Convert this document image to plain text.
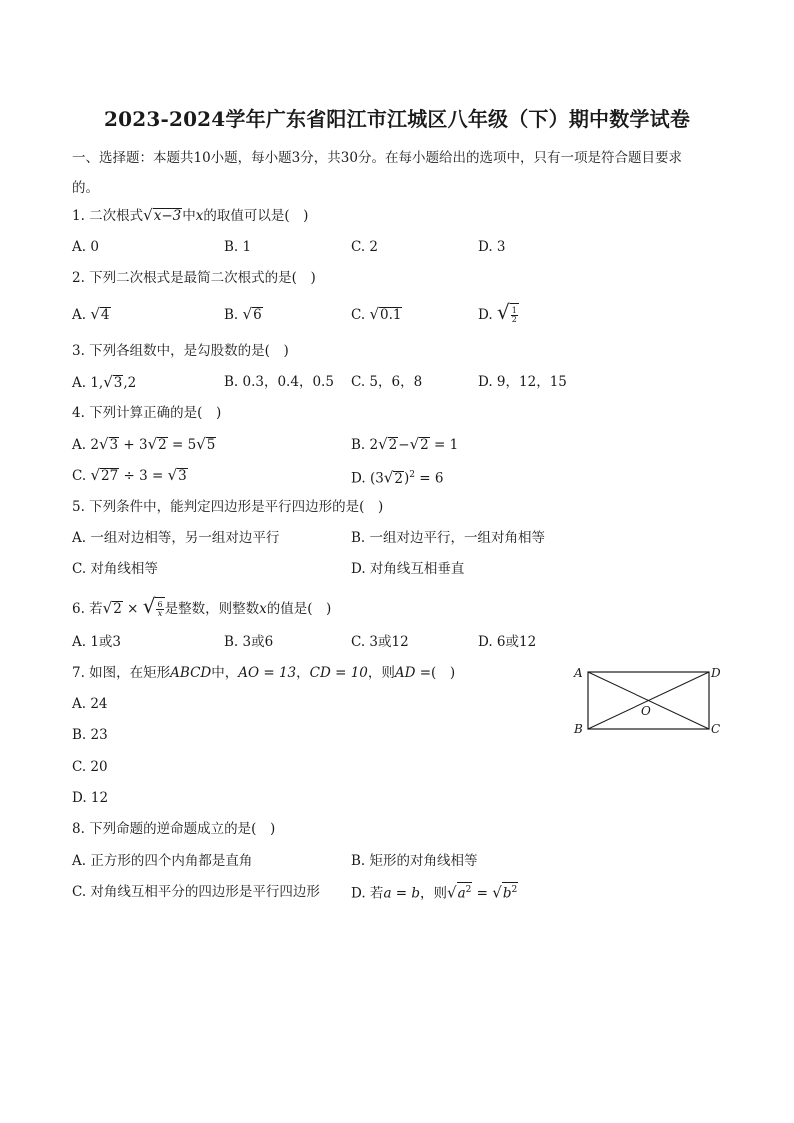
2023-2024学年广东省阳江市江城区八年级（下）期中数学试卷
一、选择题：本题共10小题，每小题3分，共30分。在每小题给出的选项中，只有一项是符合题目要求
的。
1. 二次根式√x−3中x的取值可以是(　)
A. 0	B. 1	C. 2	D. 3
2. 下列二次根式是最简二次根式的是(　)
A. √4	B. √6	C. √0.1	D. √ $\frac{1}{2}$
3. 下列各组数中，是勾股数的是(　)
A. 1,√3,2	B. 0.3，0.4，0.5 C. 5，6，8	D. 9，12，15
4. 下列计算正确的是(　)
A. 2√3 + 3√2 = 5√5	B. 2√2−√2 = 1
C. √27 ÷ 3 = √3	D. $(3√2)^2 = 6$
5. 下列条件中，能判定四边形是平行四边形的是(　)
A. 一组对边相等，另一组对边平行	B. 一组对边平行，一组对角相等
C. 对角线相等	D. 对角线互相垂直
6. 若√2 × √ $\frac{6}{x}$ 是整数，则整数x的值是(　)
A. 1或3	B. 3或6	C. 3或12	D. 6或12
7. 如图，在矩形ABCD中，AO = 13，CD = 10，则AD =(　)
A. 24
B. 23
C. 20
D. 12
A	D
B	C
O
8. 下列命题的逆命题成立的是(　)
A. 正方形的四个内角都是直角	B. 矩形的对角线相等
C. 对角线互相平分的四边形是平行四边形 D. 若a = b，则$√a^2 = √b^2$
